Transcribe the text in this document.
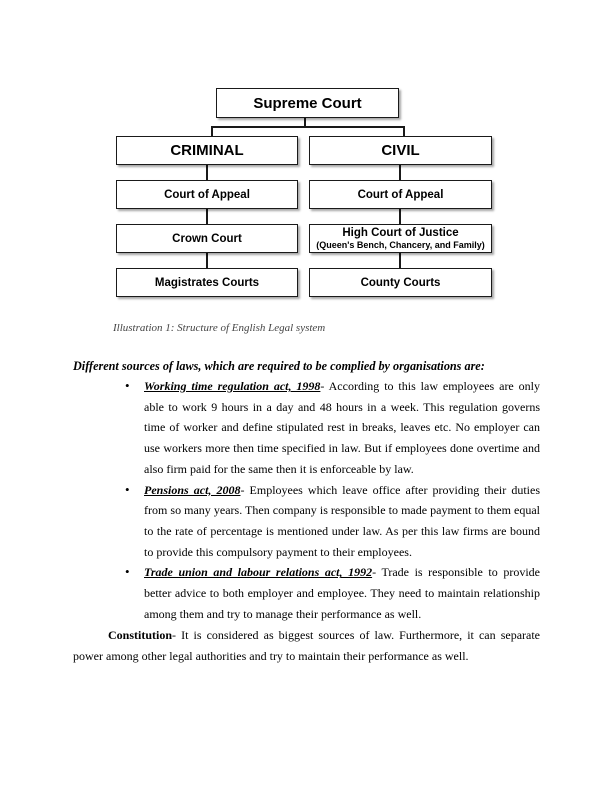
Supreme Court
CRIMINAL	CIVIL
Court of Appeal	Court of Appeal
Crown Court	High Court of Justice
(Queen's Bench, Chancery, and Family)
Magistrates Courts	County Courts
Illustration 1: Structure of English Legal system
Different sources of laws, which are required to be complied by organisations are:
• Working time regulation act, 1998- According to this law employees are only able to work 9 hours in a day and 48 hours in a week. This regulation governs time of worker and define stipulated rest in breaks, leaves etc. No employer can use workers more then time specified in law. But if employees done overtime and also firm paid for the same then it is enforceable by law.
• Pensions act, 2008- Employees which leave office after providing their duties from so many years. Then company is responsible to made payment to them equal to the rate of percentage is mentioned under law. As per this law firms are bound to provide this compulsory payment to their employees.
• Trade union and labour relations act, 1992- Trade is responsible to provide better advice to both employer and employee. They need to maintain relationship among them and try to manage their performance as well.
Constitution- It is considered as biggest sources of law. Furthermore, it can separate power among other legal authorities and try to maintain their performance as well.
